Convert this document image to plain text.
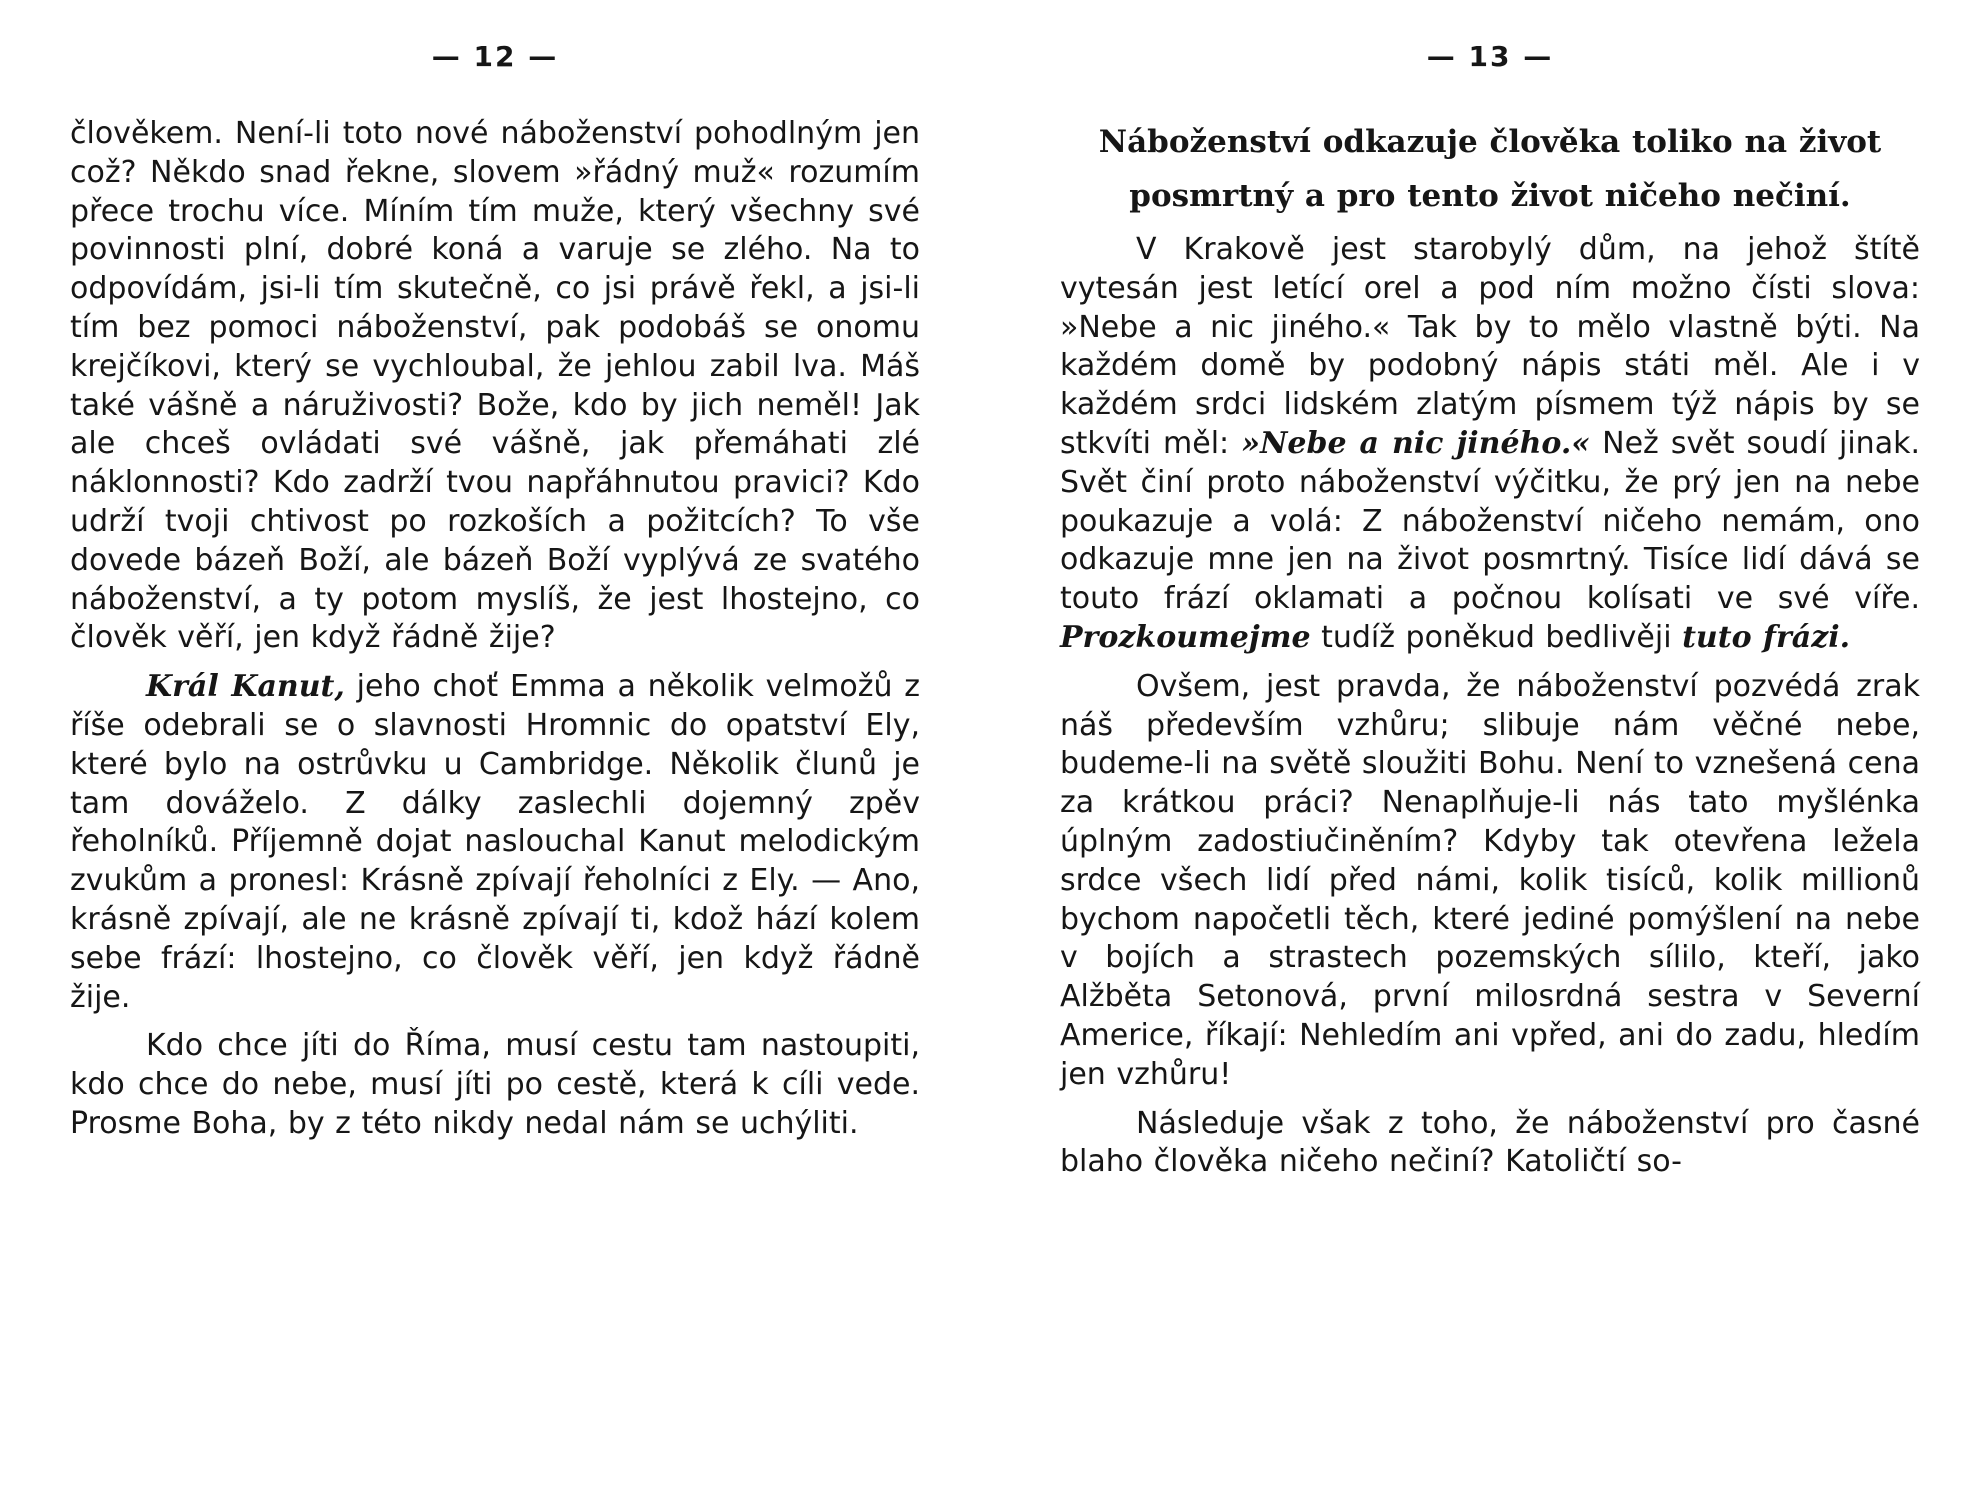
— 12 —

člověkem. Není-li toto nové náboženství pohodlným jen což? Někdo snad řekne, slovem »řádný muž« rozumím přece trochu více. Míním tím muže, který všechny své povinnosti plní, dobré koná a varuje se zlého. Na to odpovídám, jsi-li tím skutečně, co jsi právě řekl, a jsi-li tím bez pomoci náboženství, pak podobáš se onomu krejčíkovi, který se vychloubal, že jehlou zabil lva. Máš také vášně a náruživosti? Bože, kdo by jich neměl! Jak ale chceš ovládati své vášně, jak přemáhati zlé náklonnosti? Kdo zadrží tvou napřáhnutou pravici? Kdo udrží tvoji chtivost po rozkoších a požitcích? To vše dovede bázeň Boží, ale bázeň Boží vyplývá ze svatého náboženství, a ty potom myslíš, že jest lhostejno, co člověk věří, jen když řádně žije?

Král Kanut, jeho choť Emma a několik velmožů z říše odebrali se o slavnosti Hromnic do opatství Ely, které bylo na ostrůvku u Cambridge. Několik člunů je tam dováželo. Z dálky zaslechli dojemný zpěv řeholníků. Příjemně dojat naslouchal Kanut melodickým zvukům a pronesl: Krásně zpívají řeholníci z Ely. — Ano, krásně zpívají, ale ne krásně zpívají ti, kdož hází kolem sebe frází: lhostejno, co člověk věří, jen když řádně žije.

Kdo chce jíti do Říma, musí cestu tam nastoupiti, kdo chce do nebe, musí jíti po cestě, která k cíli vede. Prosme Boha, by z této nikdy nedal nám se uchýliti.

— 13 —
Náboženství odkazuje člověka toliko na život posmrtný a pro tento život ničeho nečiní.

V Krakově jest starobylý dům, na jehož štítě vytesán jest letící orel a pod ním možno čísti slova: »Nebe a nic jiného.« Tak by to mělo vlastně býti. Na každém domě by podobný nápis státi měl. Ale i v každém srdci lidském zlatým písmem týž nápis by se stkvíti měl: »Nebe a nic jiného.« Než svět soudí jinak. Svět činí proto náboženství výčitku, že prý jen na nebe poukazuje a volá: Z náboženství ničeho nemám, ono odkazuje mne jen na život posmrtný. Tisíce lidí dává se touto frází oklamati a počnou kolísati ve své víře. Prozkoumejme tudíž poněkud bedlivěji tuto frázi.

Ovšem, jest pravda, že náboženství pozvédá zrak náš především vzhůru; slibuje nám věčné nebe, budeme-li na světě sloužiti Bohu. Není to vznešená cena za krátkou práci? Nenaplňuje-li nás tato myšlénka úplným zadostiučiněním? Kdyby tak otevřena ležela srdce všech lidí před námi, kolik tisíců, kolik millionů bychom napočetli těch, které jediné pomýšlení na nebe v bojích a strastech pozemských sílilo, kteří, jako Alžběta Setonová, první milosrdná sestra v Severní Americe, říkají: Nehledím ani vpřed, ani do zadu, hledím jen vzhůru!

Následuje však z toho, že náboženství pro časné blaho člověka ničeho nečiní? Katoličtí so-
